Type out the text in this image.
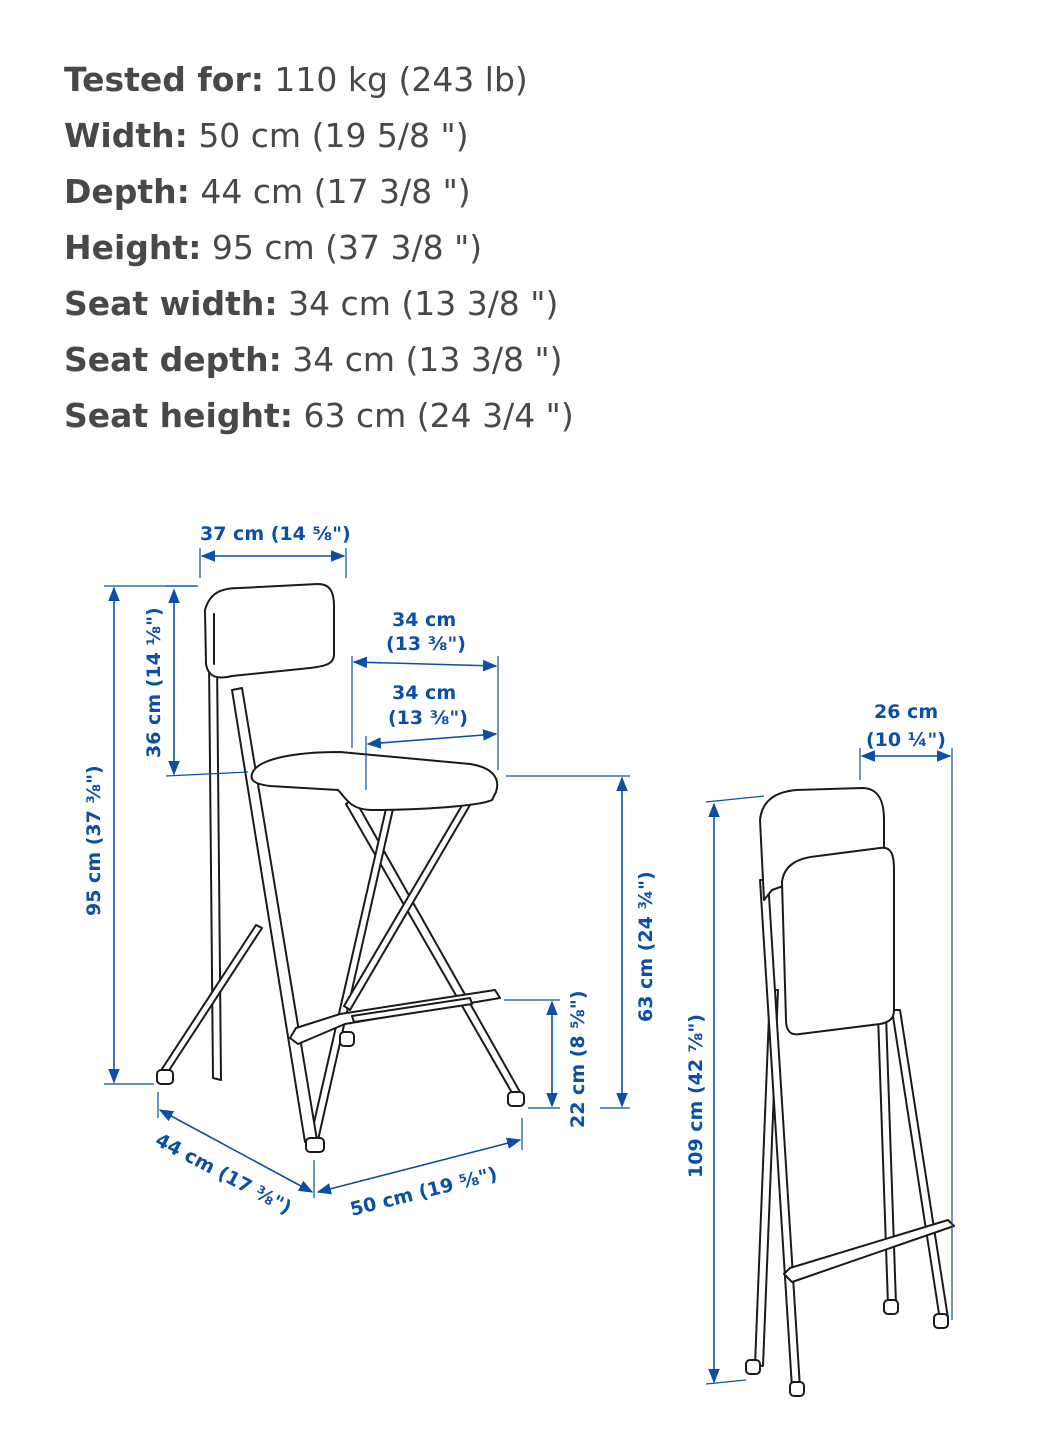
Tested for: 110 kg (243 lb)
Width: 50 cm (19 5/8 ")
Depth: 44 cm (17 3/8 ")
Height: 95 cm (37 3/8 ")
Seat width: 34 cm (13 3/8 ")
Seat depth: 34 cm (13 3/8 ")
Seat height: 63 cm (24 3/4 ")
37 cm (14 ⅝")
95 cm (37 ⅜")
36 cm (14 ⅛")	34 cm
(13 ⅜")
34 cm
(13 ⅜")
63 cm (24 ¾")
22 cm (8 ⅝")
44 cm (17 ⅜")	50 cm (19 ⅝")
26 cm
(10 ¼")
109 cm (42 ⅞")
